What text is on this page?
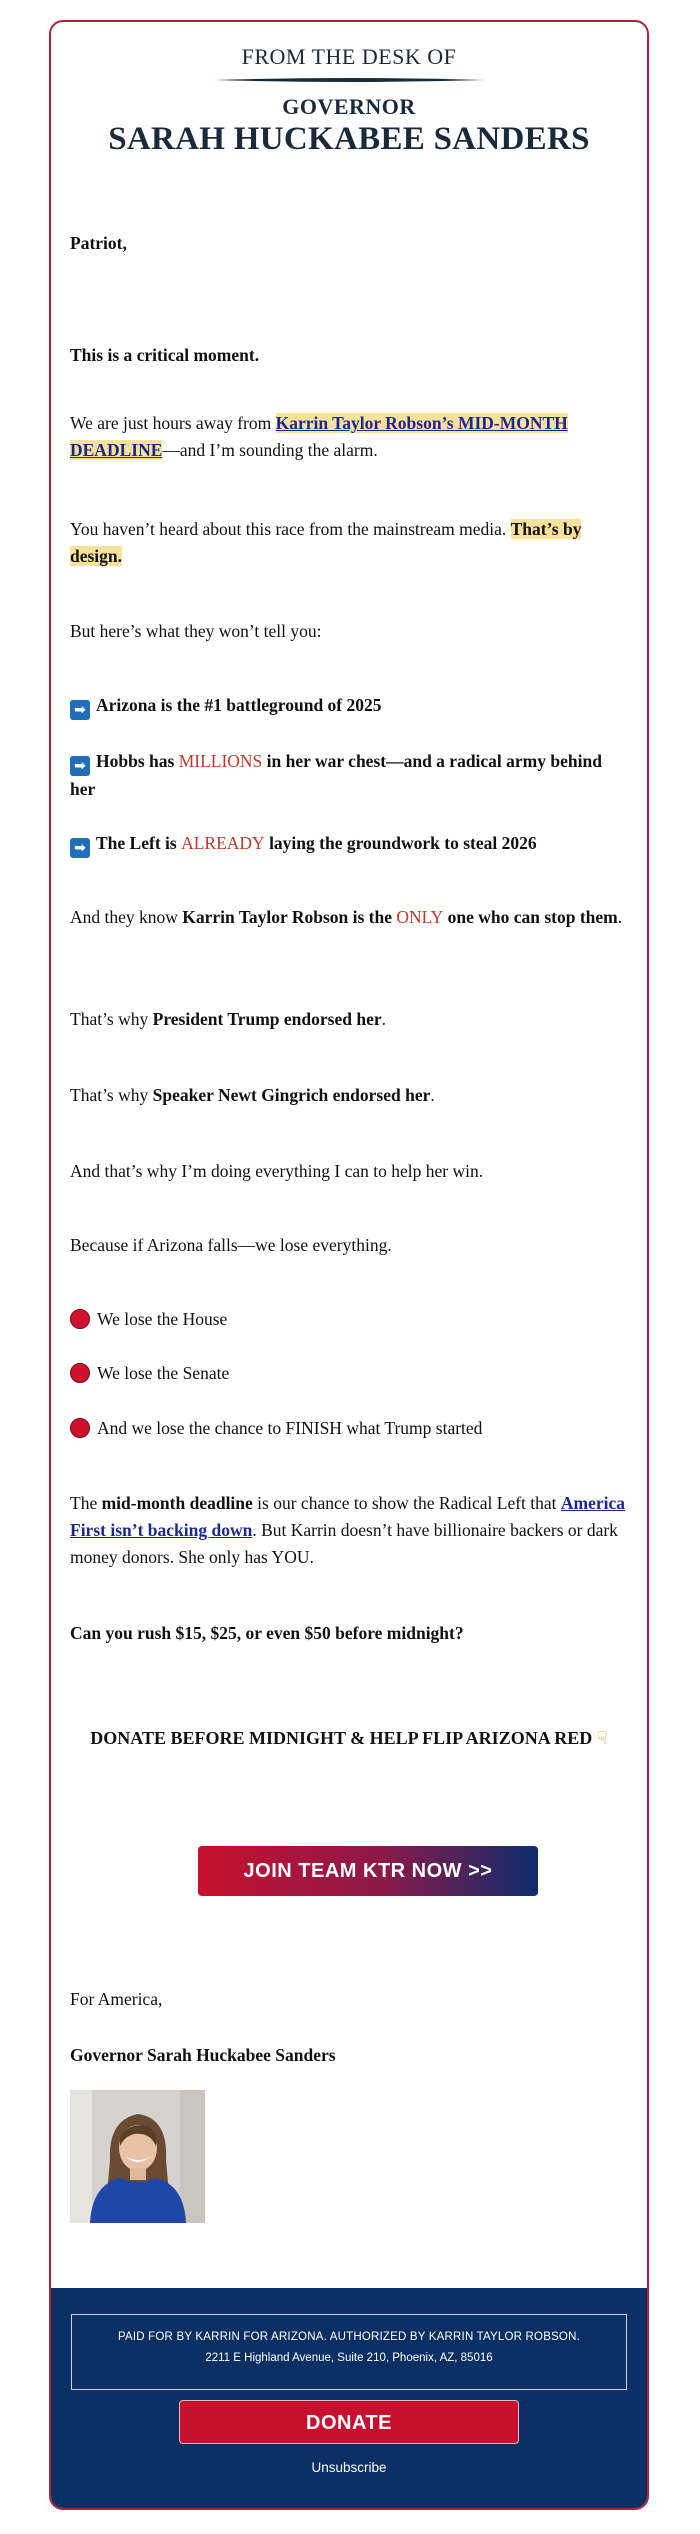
FROM THE DESK OF
GOVERNOR
SARAH HUCKABEE SANDERS
Patriot,
This is a critical moment.
We are just hours away from Karrin Taylor Robson’s MID-MONTH DEADLINE—and I’m sounding the alarm.
You haven’t heard about this race from the mainstream media. That’s by design.
But here’s what they won’t tell you:
➡ Arizona is the #1 battleground of 2025
➡ Hobbs has MILLIONS in her war chest—and a radical army behind her
➡ The Left is ALREADY laying the groundwork to steal 2026
And they know Karrin Taylor Robson is the ONLY one who can stop them.
That’s why President Trump endorsed her.
That’s why Speaker Newt Gingrich endorsed her.
And that’s why I’m doing everything I can to help her win.
Because if Arizona falls—we lose everything.
We lose the House
We lose the Senate
And we lose the chance to FINISH what Trump started
The mid-month deadline is our chance to show the Radical Left that America First isn’t backing down. But Karrin doesn’t have billionaire backers or dark money donors. She only has YOU.
Can you rush $15, $25, or even $50 before midnight?
DONATE BEFORE MIDNIGHT & HELP FLIP ARIZONA RED ☟
JOIN TEAM KTR NOW >>
For America,
Governor Sarah Huckabee Sanders
PAID FOR BY KARRIN FOR ARIZONA. AUTHORIZED BY KARRIN TAYLOR ROBSON.
2211 E Highland Avenue, Suite 210, Phoenix, AZ, 85016
DONATE
Unsubscribe
